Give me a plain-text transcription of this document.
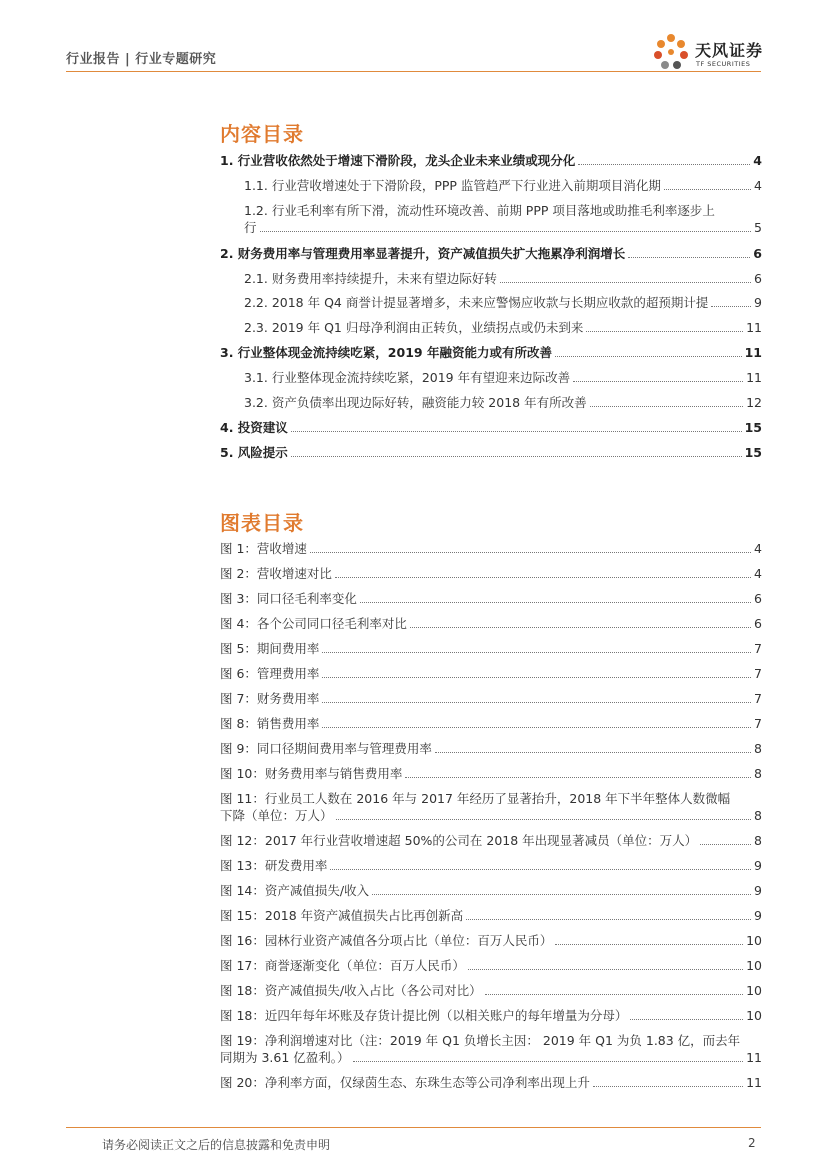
行业报告 | 行业专题研究	天风证券
TF SECURITIES
内容目录
1. 行业营收依然处于增速下滑阶段，龙头企业未来业绩或现分化	4
1.1. 行业营收增速处于下滑阶段，PPP 监管趋严下行业进入前期项目消化期	4
1.2. 行业毛利率有所下滑，流动性环境改善、前期 PPP 项目落地或助推毛利率逐步上
行	5
2. 财务费用率与管理费用率显著提升，资产减值损失扩大拖累净利润增长	6
2.1. 财务费用率持续提升，未来有望边际好转	6
2.2. 2018 年 Q4 商誉计提显著增多，未来应警惕应收款与长期应收款的超预期计提	9
2.3. 2019 年 Q1 归母净利润由正转负，业绩拐点或仍未到来	11
3. 行业整体现金流持续吃紧，2019 年融资能力或有所改善	11
3.1. 行业整体现金流持续吃紧，2019 年有望迎来边际改善	11
3.2. 资产负债率出现边际好转，融资能力较 2018 年有所改善	12
4. 投资建议	15
5. 风险提示	15
图表目录
图 1：营收增速	4
图 2：营收增速对比	4
图 3：同口径毛利率变化	6
图 4：各个公司同口径毛利率对比	6
图 5：期间费用率	7
图 6：管理费用率	7
图 7：财务费用率	7
图 8：销售费用率	7
图 9：同口径期间费用率与管理费用率	8
图 10：财务费用率与销售费用率	8
图 11：行业员工人数在 2016 年与 2017 年经历了显著抬升，2018 年下半年整体人数微幅
下降（单位：万人）	8
图 12：2017 年行业营收增速超 50%的公司在 2018 年出现显著减员（单位：万人）	8
图 13：研发费用率	9
图 14：资产减值损失/收入	9
图 15：2018 年资产减值损失占比再创新高	9
图 16：园林行业资产减值各分项占比（单位：百万人民币）	10
图 17：商誉逐渐变化（单位：百万人民币）	10
图 18：资产减值损失/收入占比（各公司对比）	10
图 18：近四年每年坏账及存货计提比例（以相关账户的每年增量为分母）	10
图 19：净利润增速对比（注：2019 年 Q1 负增长主因： 2019 年 Q1 为负 1.83 亿，而去年
同期为 3.61 亿盈利。）	11
图 20：净利率方面，仅绿茵生态、东珠生态等公司净利率出现上升	11
请务必阅读正文之后的信息披露和免责申明	2
